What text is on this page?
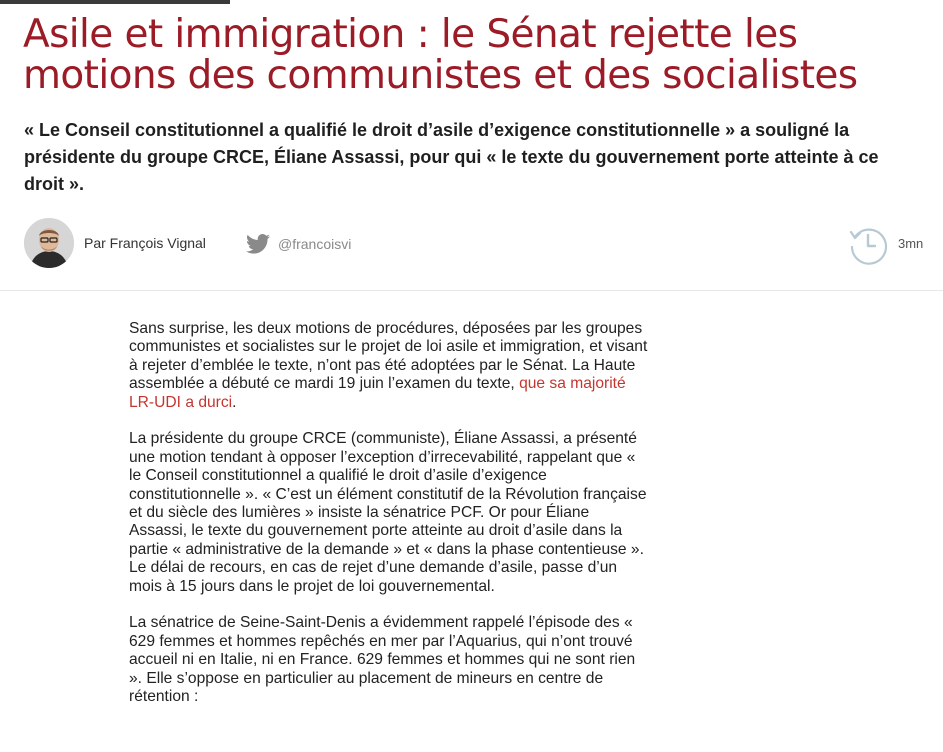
Asile et immigration : le Sénat rejette les motions des communistes et des socialistes

« Le Conseil constitutionnel a qualifié le droit d’asile d’exigence constitutionnelle » a souligné la présidente du groupe CRCE, Éliane Assassi, pour qui « le texte du gouvernement porte atteinte à ce droit ».

Par François Vignal	@francoisvi	3mn

Sans surprise, les deux motions de procédures, déposées par les groupes communistes et socialistes sur le projet de loi asile et immigration, et visant à rejeter d’emblée le texte, n’ont pas été adoptées par le Sénat. La Haute assemblée a débuté ce mardi 19 juin l’examen du texte, que sa majorité LR-UDI a durci.

La présidente du groupe CRCE (communiste), Éliane Assassi, a présenté une motion tendant à opposer l’exception d’irrecevabilité, rappelant que « le Conseil constitutionnel a qualifié le droit d’asile d’exigence constitutionnelle ». « C’est un élément constitutif de la Révolution française et du siècle des lumières » insiste la sénatrice PCF. Or pour Éliane Assassi, le texte du gouvernement porte atteinte au droit d’asile dans la partie « administrative de la demande » et « dans la phase contentieuse ». Le délai de recours, en cas de rejet d’une demande d’asile, passe d’un mois à 15 jours dans le projet de loi gouvernemental.

La sénatrice de Seine-Saint-Denis a évidemment rappelé l’épisode des « 629 femmes et hommes repêchés en mer par l’Aquarius, qui n’ont trouvé accueil ni en Italie, ni en France. 629 femmes et hommes qui ne sont rien ». Elle s’oppose en particulier au placement de mineurs en centre de rétention :
